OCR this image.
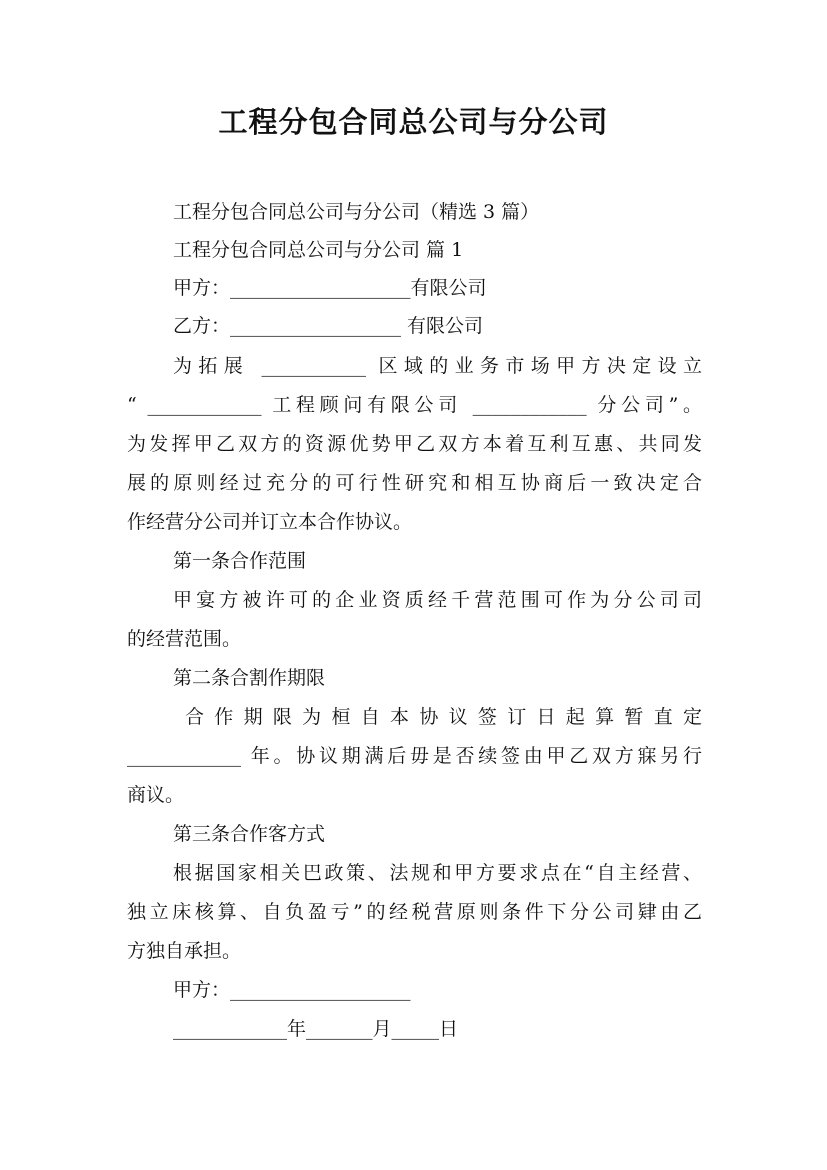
工程分包合同总公司与分公司

工程分包合同总公司与分公司（精选 3 篇）

工程分包合同总公司与分公司 篇 1

甲方：___________________有限公司

乙方：__________________ 有限公司

为拓展 ___________ 区域的业务市场甲方决定设立

“ ____________ 工程顾问有限公司 ____________ 分公司”。

为发挥甲乙双方的资源优势甲乙双方本着互利互惠、共同发

展的原则经过充分的可行性研究和相互协商后一致决定合

作经营分公司并订立本合作协议。

第一条合作范围

甲宴方被许可的企业资质经千营范围可作为分公司司

的经营范围。

第二条合割作期限

合作期限为桓自本协议签订日起算暂直定

____________ 年。协议期满后毋是否续签由甲乙双方寐另行

商议。

第三条合作客方式

根据国家相关巴政策、法规和甲方要求点在“自主经营、

独立床核算、自负盈亏”的经税营原则条件下分公司肄由乙

方独自承担。

甲方：___________________

____________年_______月_____日
